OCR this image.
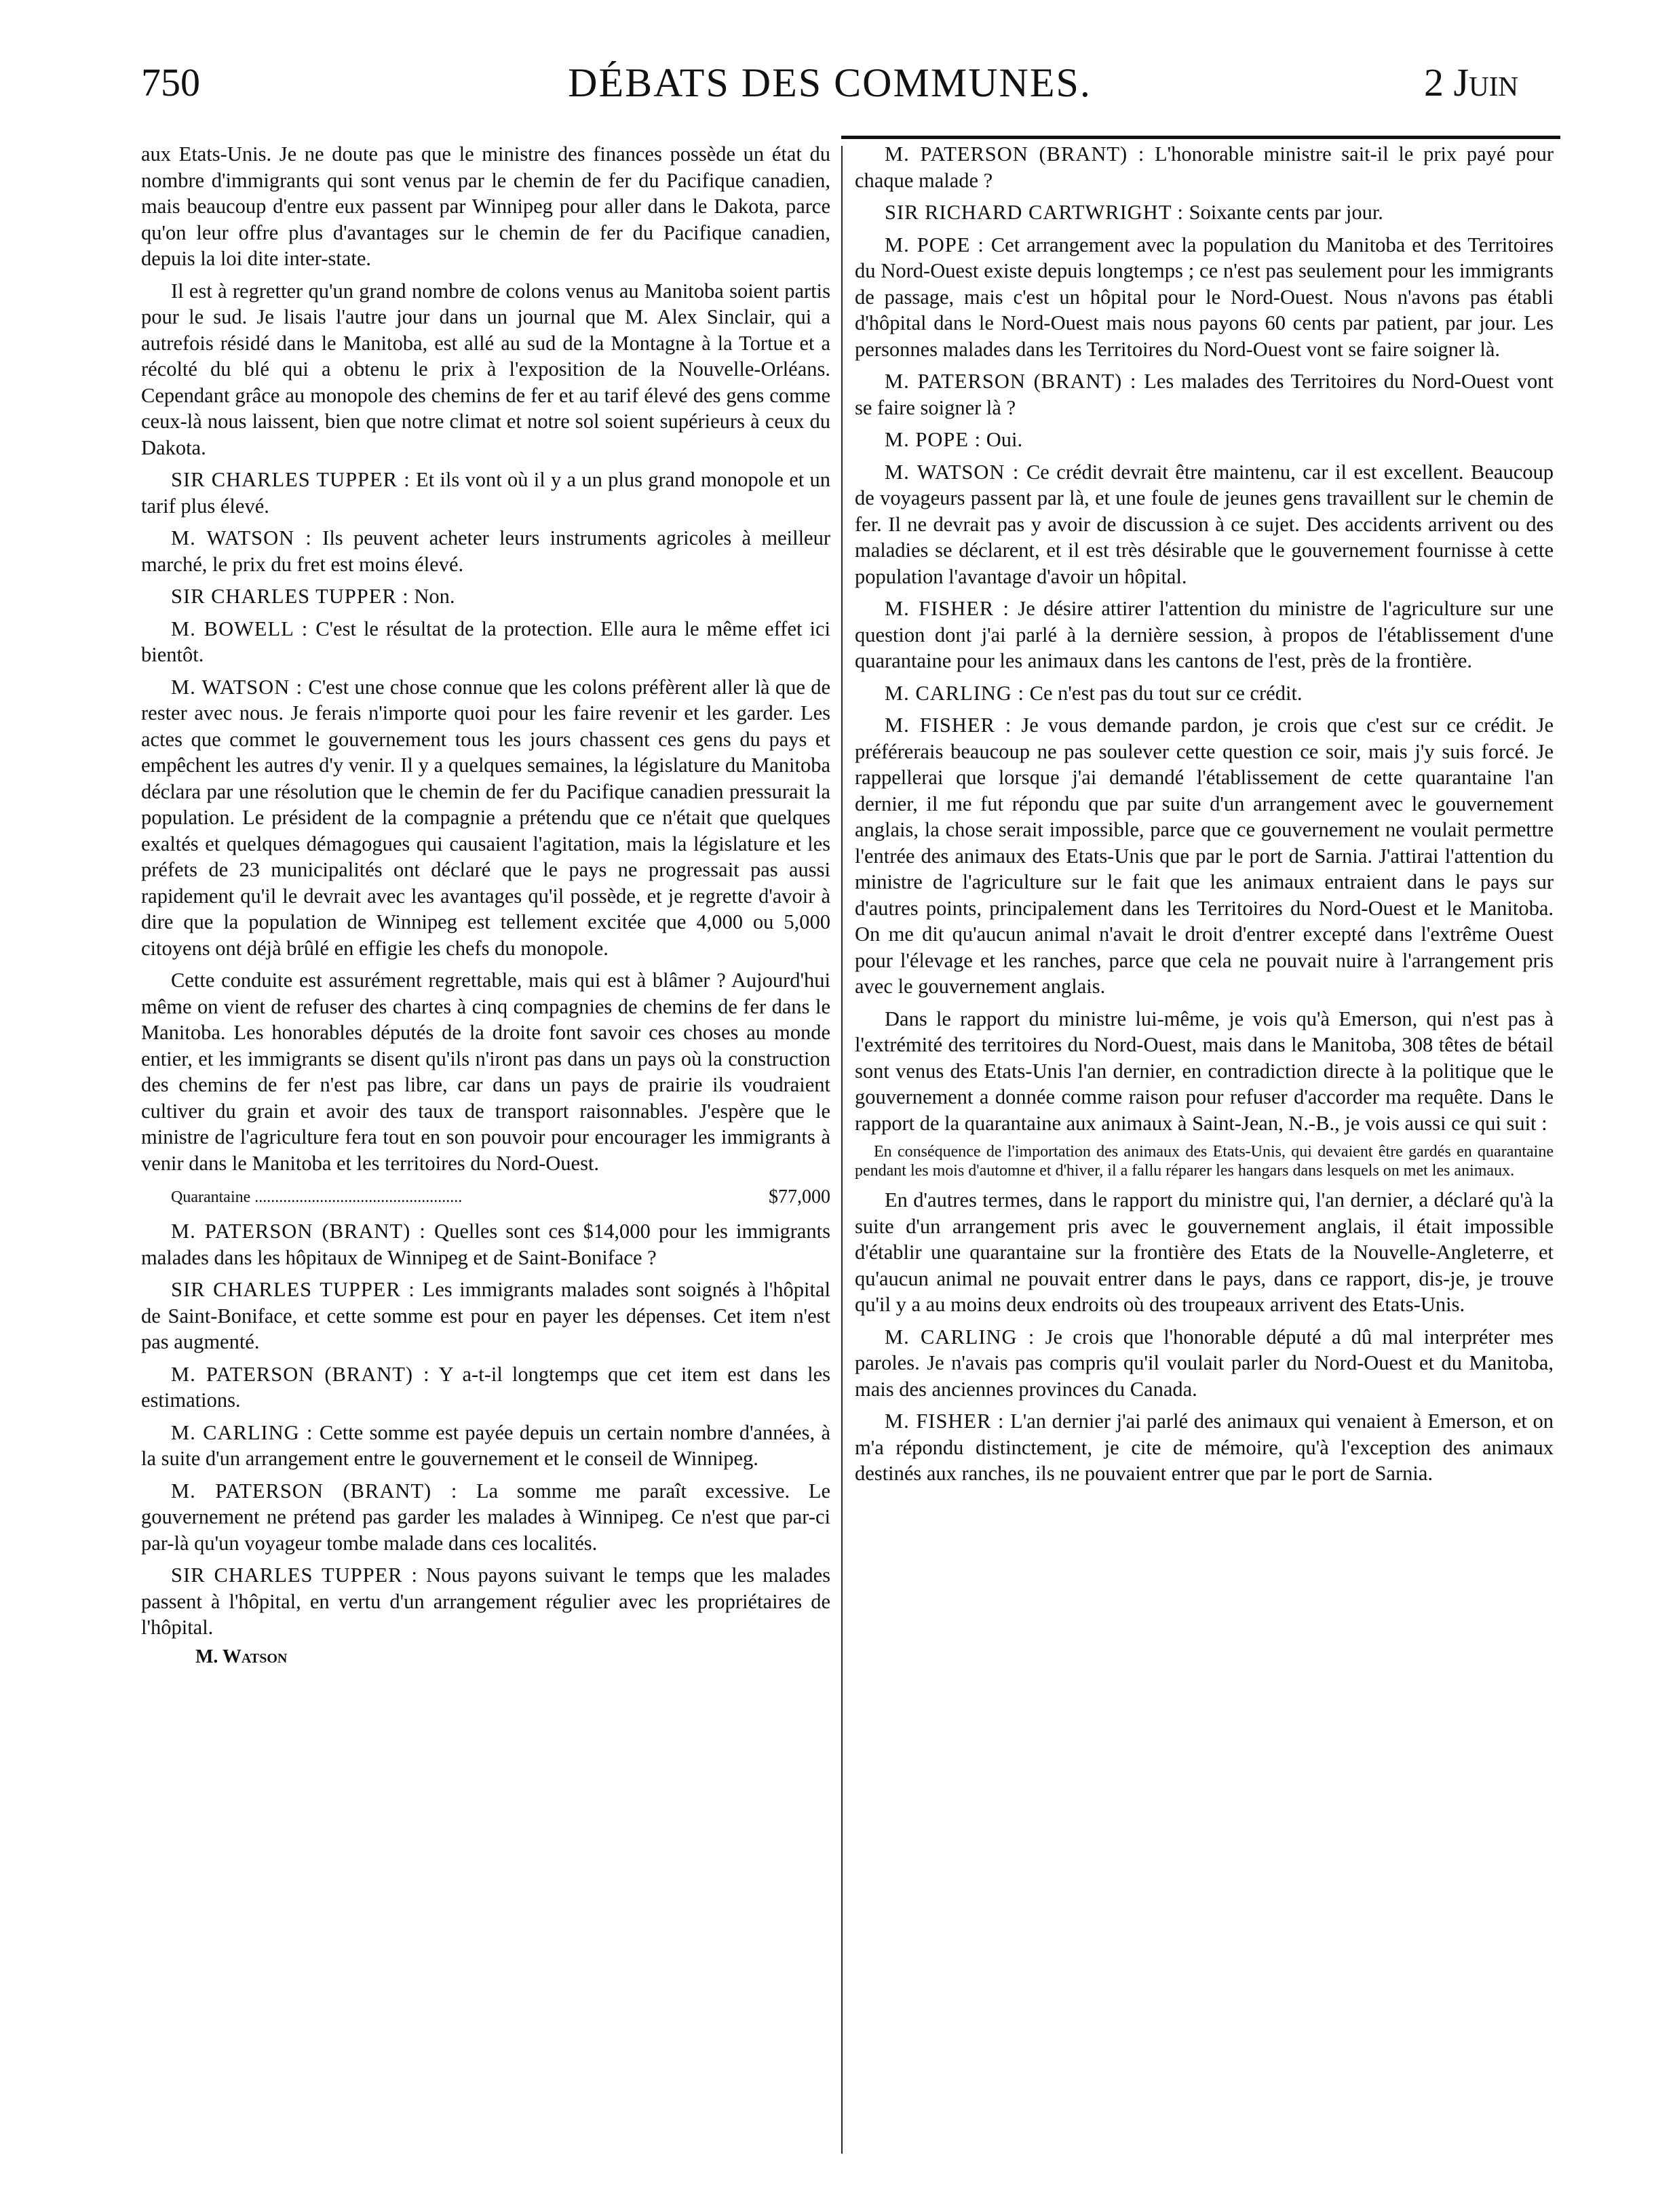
750	DÉBATS DES COMMUNES.	2 Juin

aux Etats-Unis. Je ne doute pas que le ministre des finances possède un état du nombre d'immigrants qui sont venus par le chemin de fer du Pacifique canadien, mais beaucoup d'entre eux passent par Winnipeg pour aller dans le Dakota, parce qu'on leur offre plus d'avantages sur le chemin de fer du Pacifique canadien, depuis la loi dite inter-state.

Il est à regretter qu'un grand nombre de colons venus au Manitoba soient partis pour le sud. Je lisais l'autre jour dans un journal que M. Alex Sinclair, qui a autrefois résidé dans le Manitoba, est allé au sud de la Montagne à la Tortue et a récolté du blé qui a obtenu le prix à l'exposition de la Nouvelle-Orléans. Cependant grâce au monopole des chemins de fer et au tarif élevé des gens comme ceux-là nous laissent, bien que notre climat et notre sol soient supérieurs à ceux du Dakota.

SIR CHARLES TUPPER : Et ils vont où il y a un plus grand monopole et un tarif plus élevé.

M. WATSON : Ils peuvent acheter leurs instruments agricoles à meilleur marché, le prix du fret est moins élevé.

SIR CHARLES TUPPER : Non.

M. BOWELL : C'est le résultat de la protection. Elle aura le même effet ici bientôt.

M. WATSON : C'est une chose connue que les colons préfèrent aller là que de rester avec nous. Je ferais n'importe quoi pour les faire revenir et les garder. Les actes que commet le gouvernement tous les jours chassent ces gens du pays et empêchent les autres d'y venir. Il y a quelques semaines, la législature du Manitoba déclara par une résolution que le chemin de fer du Pacifique canadien pressurait la population. Le président de la compagnie a prétendu que ce n'était que quelques exaltés et quelques démagogues qui causaient l'agitation, mais la législature et les préfets de 23 municipalités ont déclaré que le pays ne progressait pas aussi rapidement qu'il le devrait avec les avantages qu'il possède, et je regrette d'avoir à dire que la population de Winnipeg est tellement excitée que 4,000 ou 5,000 citoyens ont déjà brûlé en effigie les chefs du monopole.

Cette conduite est assurément regrettable, mais qui est à blâmer ? Aujourd'hui même on vient de refuser des chartes à cinq compagnies de chemins de fer dans le Manitoba. Les honorables députés de la droite font savoir ces choses au monde entier, et les immigrants se disent qu'ils n'iront pas dans un pays où la construction des chemins de fer n'est pas libre, car dans un pays de prairie ils voudraient cultiver du grain et avoir des taux de transport raisonnables. J'espère que le ministre de l'agriculture fera tout en son pouvoir pour encourager les immigrants à venir dans le Manitoba et les territoires du Nord-Ouest.

Quarantaine ...................................................	$77,000

M. PATERSON (BRANT) : Quelles sont ces $14,000 pour les immigrants malades dans les hôpitaux de Winnipeg et de Saint-Boniface ?

SIR CHARLES TUPPER : Les immigrants malades sont soignés à l'hôpital de Saint-Boniface, et cette somme est pour en payer les dépenses. Cet item n'est pas augmenté.

M. PATERSON (BRANT) : Y a-t-il longtemps que cet item est dans les estimations.

M. CARLING : Cette somme est payée depuis un certain nombre d'années, à la suite d'un arrangement entre le gouvernement et le conseil de Winnipeg.

M. PATERSON (BRANT) : La somme me paraît excessive. Le gouvernement ne prétend pas garder les malades à Winnipeg. Ce n'est que par-ci par-là qu'un voyageur tombe malade dans ces localités.

SIR CHARLES TUPPER : Nous payons suivant le temps que les malades passent à l'hôpital, en vertu d'un arrangement régulier avec les propriétaires de l'hôpital.

M. Watson

M. PATERSON (BRANT) : L'honorable ministre sait-il le prix payé pour chaque malade ?

SIR RICHARD CARTWRIGHT : Soixante cents par jour.

M. POPE : Cet arrangement avec la population du Manitoba et des Territoires du Nord-Ouest existe depuis longtemps ; ce n'est pas seulement pour les immigrants de passage, mais c'est un hôpital pour le Nord-Ouest. Nous n'avons pas établi d'hôpital dans le Nord-Ouest mais nous payons 60 cents par patient, par jour. Les personnes malades dans les Territoires du Nord-Ouest vont se faire soigner là.

M. PATERSON (BRANT) : Les malades des Territoires du Nord-Ouest vont se faire soigner là ?

M. POPE : Oui.

M. WATSON : Ce crédit devrait être maintenu, car il est excellent. Beaucoup de voyageurs passent par là, et une foule de jeunes gens travaillent sur le chemin de fer. Il ne devrait pas y avoir de discussion à ce sujet. Des accidents arrivent ou des maladies se déclarent, et il est très désirable que le gouvernement fournisse à cette population l'avantage d'avoir un hôpital.

M. FISHER : Je désire attirer l'attention du ministre de l'agriculture sur une question dont j'ai parlé à la dernière session, à propos de l'établissement d'une quarantaine pour les animaux dans les cantons de l'est, près de la frontière.

M. CARLING : Ce n'est pas du tout sur ce crédit.

M. FISHER : Je vous demande pardon, je crois que c'est sur ce crédit. Je préférerais beaucoup ne pas soulever cette question ce soir, mais j'y suis forcé. Je rappellerai que lorsque j'ai demandé l'établissement de cette quarantaine l'an dernier, il me fut répondu que par suite d'un arrangement avec le gouvernement anglais, la chose serait impossible, parce que ce gouvernement ne voulait permettre l'entrée des animaux des Etats-Unis que par le port de Sarnia. J'attirai l'attention du ministre de l'agriculture sur le fait que les animaux entraient dans le pays sur d'autres points, principalement dans les Territoires du Nord-Ouest et le Manitoba. On me dit qu'aucun animal n'avait le droit d'entrer excepté dans l'extrême Ouest pour l'élevage et les ranches, parce que cela ne pouvait nuire à l'arrangement pris avec le gouvernement anglais.

Dans le rapport du ministre lui-même, je vois qu'à Emerson, qui n'est pas à l'extrémité des territoires du Nord-Ouest, mais dans le Manitoba, 308 têtes de bétail sont venus des Etats-Unis l'an dernier, en contradiction directe à la politique que le gouvernement a donnée comme raison pour refuser d'accorder ma requête. Dans le rapport de la quarantaine aux animaux à Saint-Jean, N.-B., je vois aussi ce qui suit :

En conséquence de l'importation des animaux des Etats-Unis, qui devaient être gardés en quarantaine pendant les mois d'automne et d'hiver, il a fallu réparer les hangars dans lesquels on met les animaux.

En d'autres termes, dans le rapport du ministre qui, l'an dernier, a déclaré qu'à la suite d'un arrangement pris avec le gouvernement anglais, il était impossible d'établir une quarantaine sur la frontière des Etats de la Nouvelle-Angleterre, et qu'aucun animal ne pouvait entrer dans le pays, dans ce rapport, dis-je, je trouve qu'il y a au moins deux endroits où des troupeaux arrivent des Etats-Unis.

M. CARLING : Je crois que l'honorable député a dû mal interpréter mes paroles. Je n'avais pas compris qu'il voulait parler du Nord-Ouest et du Manitoba, mais des anciennes provinces du Canada.

M. FISHER : L'an dernier j'ai parlé des animaux qui venaient à Emerson, et on m'a répondu distinctement, je cite de mémoire, qu'à l'exception des animaux destinés aux ranches, ils ne pouvaient entrer que par le port de Sarnia.
